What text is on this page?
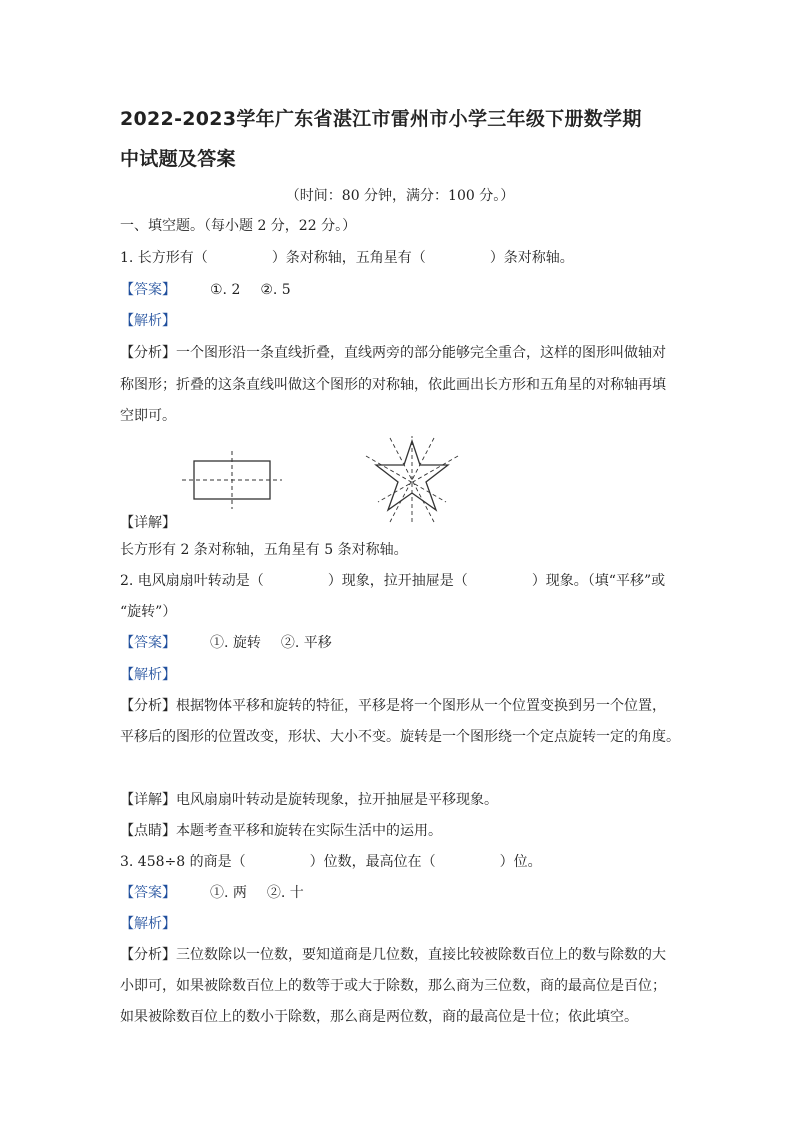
2022-2023学年广东省湛江市雷州市小学三年级下册数学期
中试题及答案
（时间：80 分钟，满分：100 分。）
一、填空题。（每小题 2 分，22 分。）
1. 长方形有（	）条对称轴，五角星有（	）条对称轴。
【答案】 ①. 2 ②. 5
【解析】
【分析】一个图形沿一条直线折叠，直线两旁的部分能够完全重合，这样的图形叫做轴对
称图形；折叠的这条直线叫做这个图形的对称轴，依此画出长方形和五角星的对称轴再填
空即可。
【详解】
长方形有 2 条对称轴，五角星有 5 条对称轴。
2. 电风扇扇叶转动是（	）现象，拉开抽屉是（	）现象。（填“平移”或
“旋转”）
【答案】 ①. 旋转 ②. 平移
【解析】
【分析】根据物体平移和旋转的特征，平移是将一个图形从一个位置变换到另一个位置，
平移后的图形的位置改变，形状、大小不变。旋转是一个图形绕一个定点旋转一定的角度。
【详解】电风扇扇叶转动是旋转现象，拉开抽屉是平移现象。
【点睛】本题考查平移和旋转在实际生活中的运用。
3. 458÷8 的商是（	）位数，最高位在（	）位。
【答案】 ①. 两 ②. 十
【解析】
【分析】三位数除以一位数，要知道商是几位数，直接比较被除数百位上的数与除数的大
小即可，如果被除数百位上的数等于或大于除数，那么商为三位数，商的最高位是百位；
如果被除数百位上的数小于除数，那么商是两位数，商的最高位是十位；依此填空。
